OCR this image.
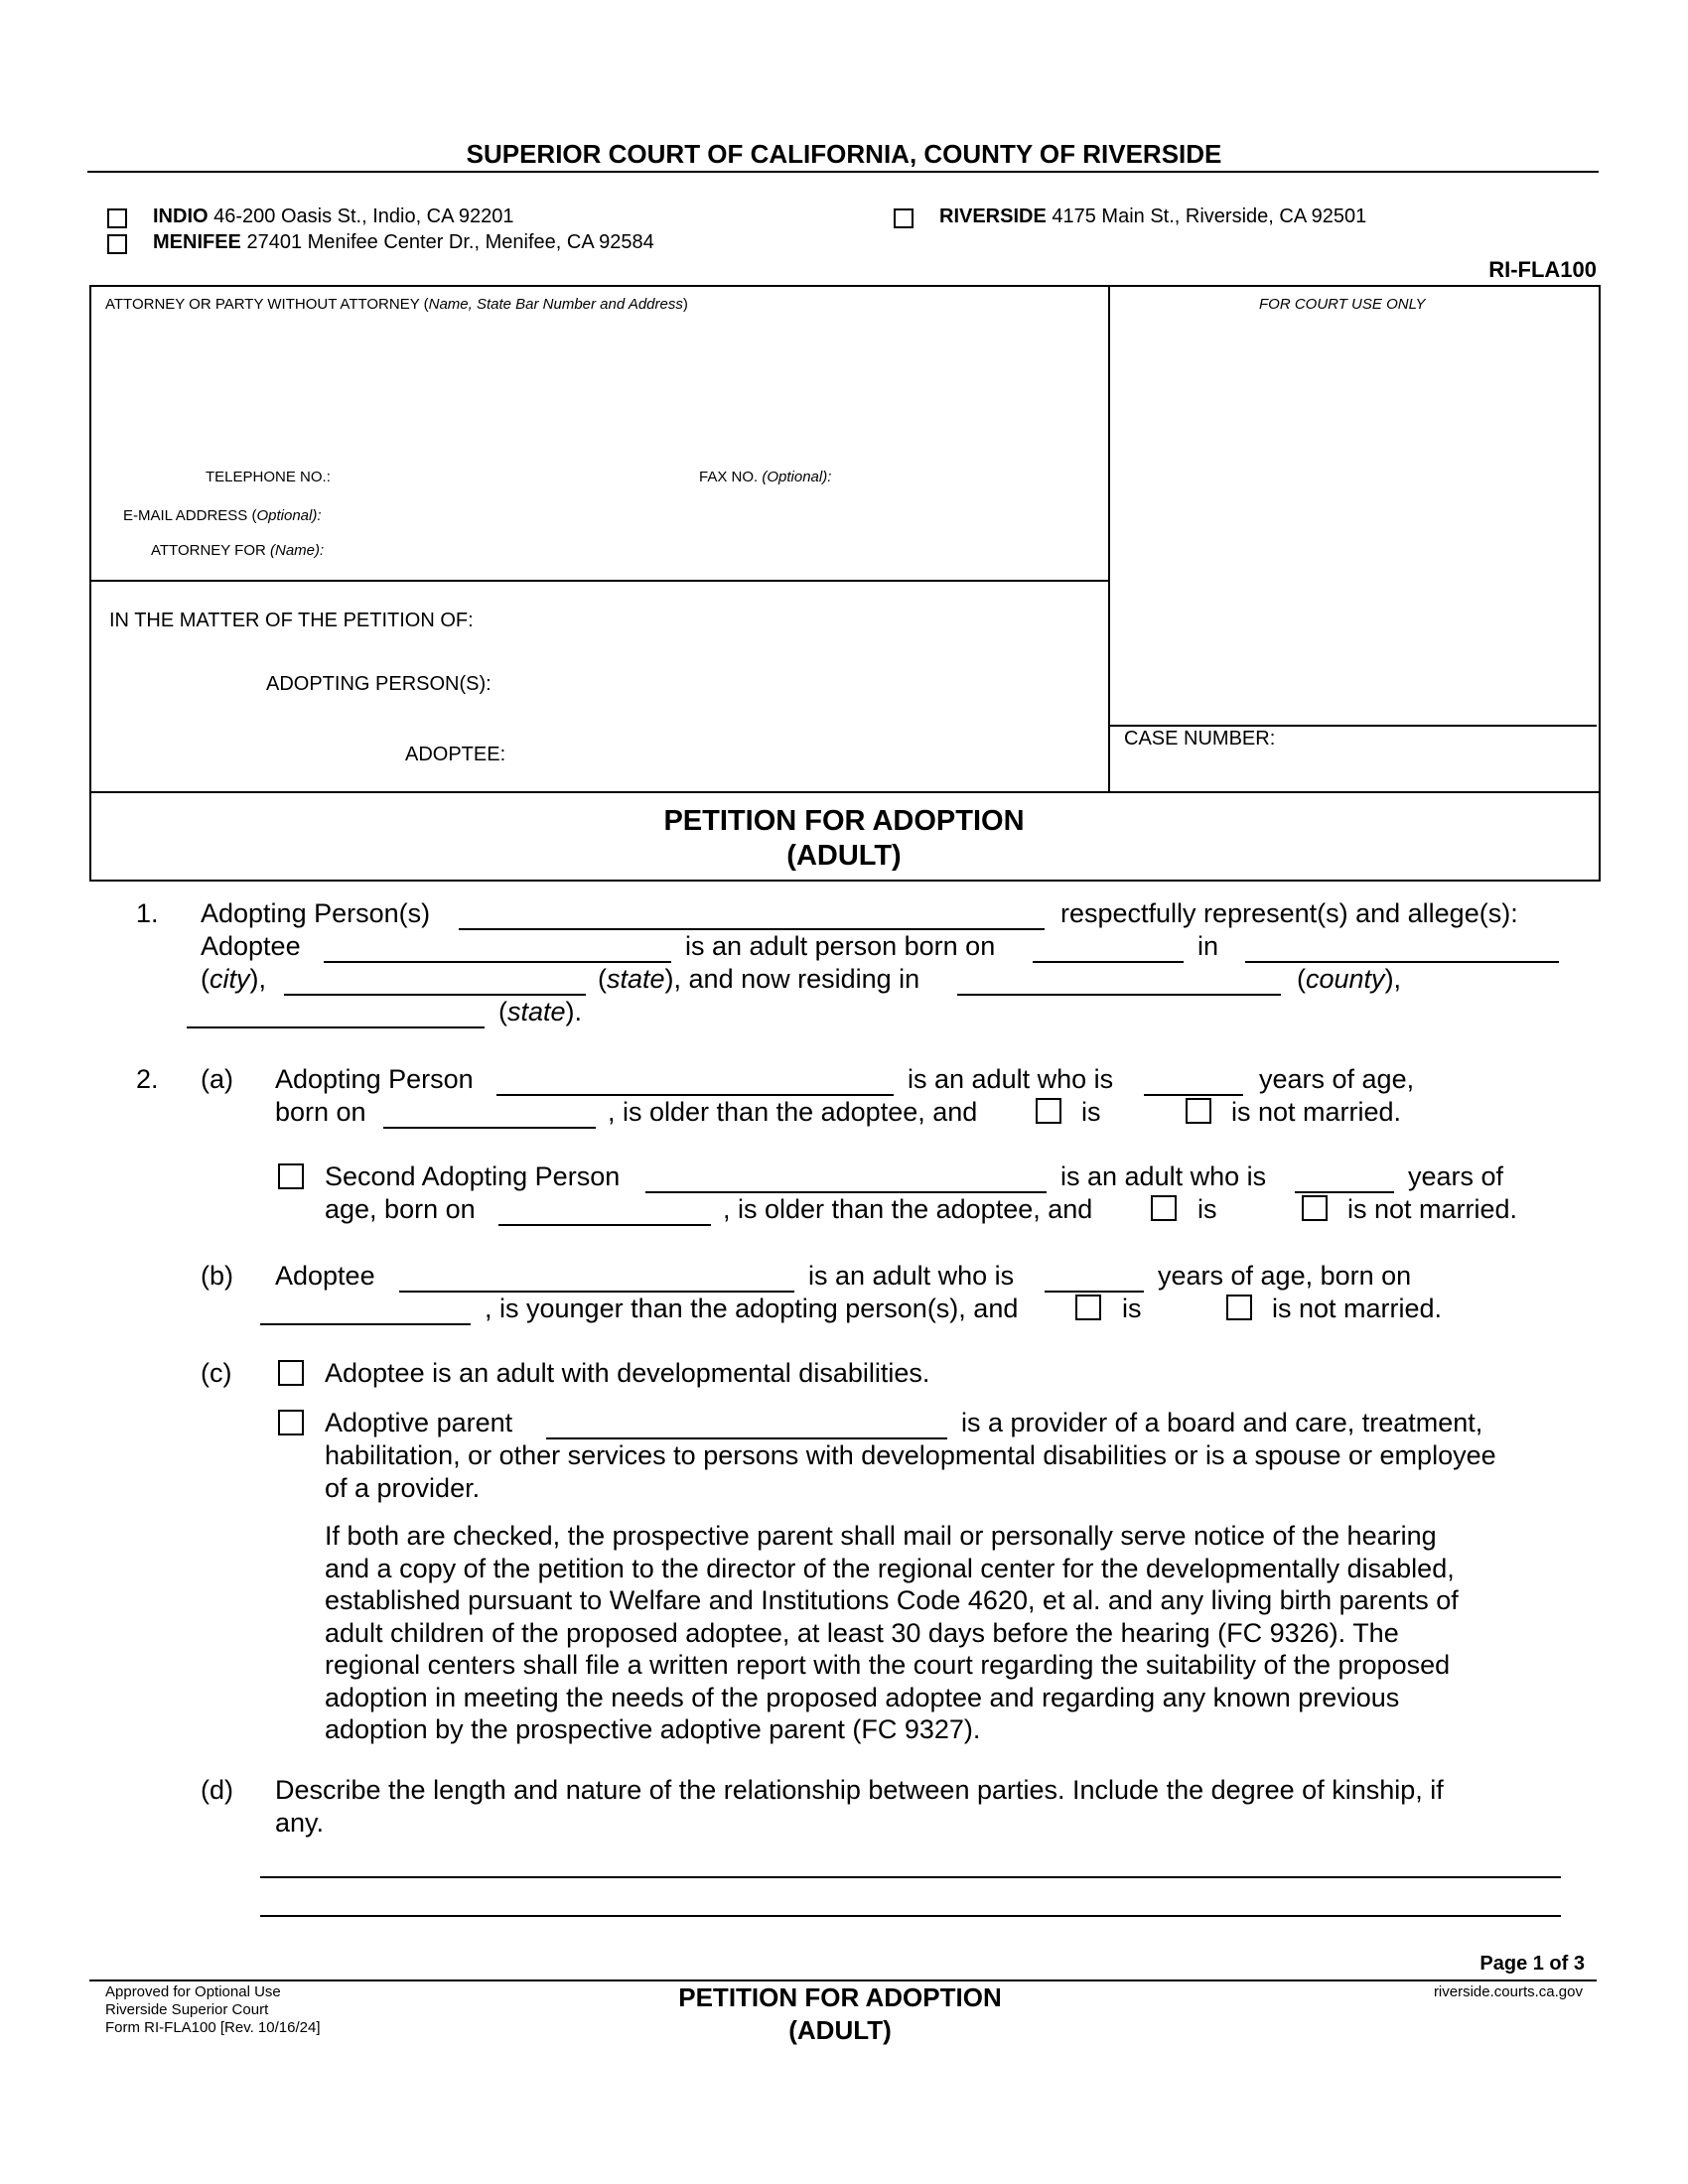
SUPERIOR COURT OF CALIFORNIA, COUNTY OF RIVERSIDE
INDIO 46-200 Oasis St., Indio, CA 92201
MENIFEE 27401 Menifee Center Dr., Menifee, CA 92584
RIVERSIDE 4175 Main St., Riverside, CA 92501
RI-FLA100
ATTORNEY OR PARTY WITHOUT ATTORNEY (Name, State Bar Number and Address)	FOR COURT USE ONLY
TELEPHONE NO.:	FAX NO. (Optional):
E-MAIL ADDRESS (Optional):
ATTORNEY FOR (Name):
IN THE MATTER OF THE PETITION OF:
ADOPTING PERSON(S):
ADOPTEE:
CASE NUMBER:
PETITION FOR ADOPTION
(ADULT)
1. Adopting Person(s)	respectfully represent(s) and allege(s):
Adoptee	is an adult person born on	in
(city),	(state), and now residing in	(county),
(state).
2. (a) Adopting Person	is an adult who is	years of age,
born on	, is older than the adoptee, and	is	is not married.
Second Adopting Person	is an adult who is	years of
age, born on	, is older than the adoptee, and	is	is not married.
(b) Adoptee	is an adult who is	years of age, born on
, is younger than the adopting person(s), and	is	is not married.
(c)	Adoptee is an adult with developmental disabilities.
Adoptive parent	is a provider of a board and care, treatment,
habilitation, or other services to persons with developmental disabilities or is a spouse or employee
of a provider.
If both are checked, the prospective parent shall mail or personally serve notice of the hearing
and a copy of the petition to the director of the regional center for the developmentally disabled,
established pursuant to Welfare and Institutions Code 4620, et al. and any living birth parents of
adult children of the proposed adoptee, at least 30 days before the hearing (FC 9326). The
regional centers shall file a written report with the court regarding the suitability of the proposed
adoption in meeting the needs of the proposed adoptee and regarding any known previous
adoption by the prospective adoptive parent (FC 9327).
(d) Describe the length and nature of the relationship between parties. Include the degree of kinship, if
any.
Page 1 of 3
Approved for Optional Use
Riverside Superior Court
Form RI-FLA100 [Rev. 10/16/24]
PETITION FOR ADOPTION
(ADULT)
riverside.courts.ca.gov
